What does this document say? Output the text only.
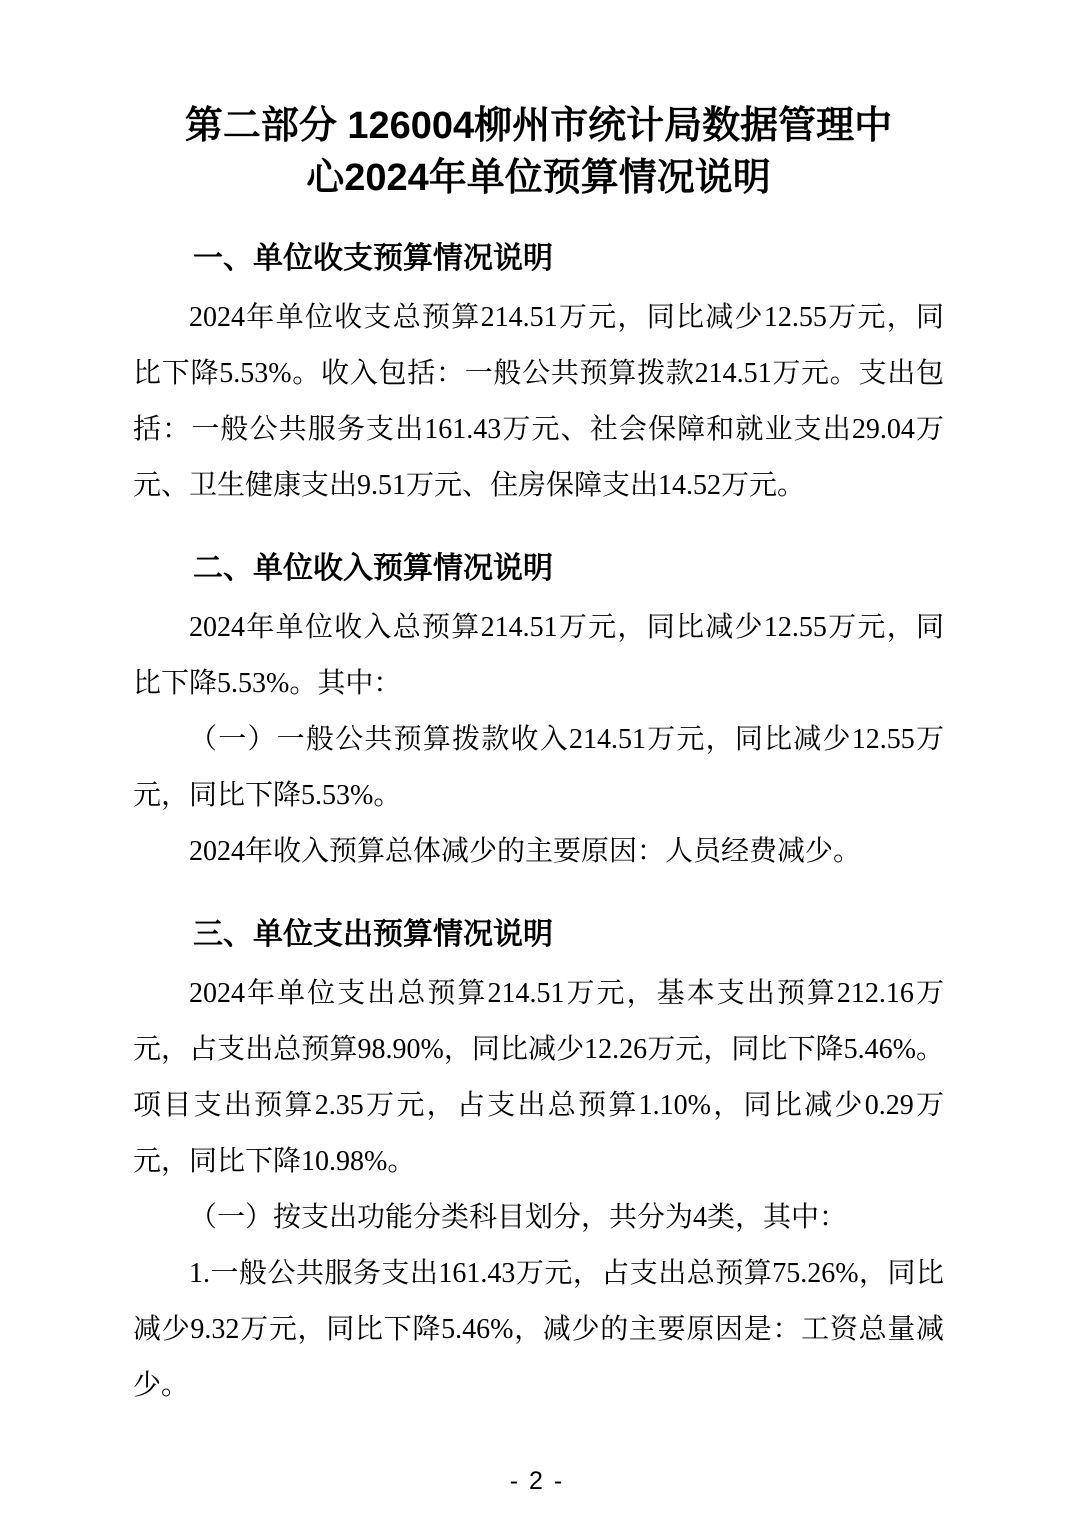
第二部分 126004柳州市统计局数据管理中心2024年单位预算情况说明
一、单位收支预算情况说明

2024年单位收支总预算214.51万元，同比减少12.55万元，同比下降5.53%。收入包括：一般公共预算拨款214.51万元。支出包括：一般公共服务支出161.43万元、社会保障和就业支出29.04万元、卫生健康支出9.51万元、住房保障支出14.52万元。

二、单位收入预算情况说明

2024年单位收入总预算214.51万元，同比减少12.55万元，同比下降5.53%。其中：

（一）一般公共预算拨款收入214.51万元，同比减少12.55万元，同比下降5.53%。

2024年收入预算总体减少的主要原因：人员经费减少。

三、单位支出预算情况说明

2024年单位支出总预算214.51万元，基本支出预算212.16万元，占支出总预算98.90%，同比减少12.26万元，同比下降5.46%。项目支出预算2.35万元，占支出总预算1.10%，同比减少0.29万元，同比下降10.98%。

（一）按支出功能分类科目划分，共分为4类，其中：

1.一般公共服务支出161.43万元，占支出总预算75.26%，同比减少9.32万元，同比下降5.46%，减少的主要原因是：工资总量减少。

- 2 -
